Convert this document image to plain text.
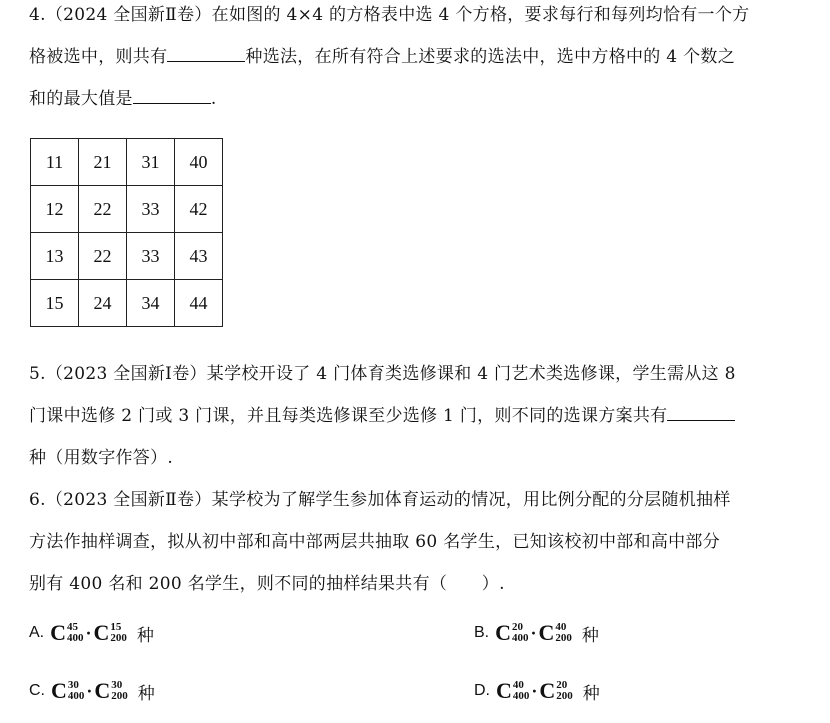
4.（2024 全国新Ⅱ卷）在如图的 4×4 的方格表中选 4 个方格，要求每行和每列均恰有一个方
格被选中，则共有	种选法，在所有符合上述要求的选法中，选中方格中的 4 个数之
和的最大值是	.
11	21	31	40
12	22	33	42
13	22	33	43
15	24	34	44
5.（2023 全国新Ⅰ卷）某学校开设了 4 门体育类选修课和 4 门艺术类选修课，学生需从这 8
门课中选修 2 门或 3 门课，并且每类选修课至少选修 1 门，则不同的选课方案共有
种（用数字作答）.
6.（2023 全国新Ⅱ卷）某学校为了解学生参加体育运动的情况，用比例分配的分层随机抽样
方法作抽样调查，拟从初中部和高中部两层共抽取 60 名学生，已知该校初中部和高中部分
别有 400 名和 200 名学生，则不同的抽样结果共有（　　）.
A. C 45
400 · C 15
200 种	B. C 20
400 · C 40
200 种
C. C 30
400 · C 30
200 种	D. C 40
400 · C 20
200 种
